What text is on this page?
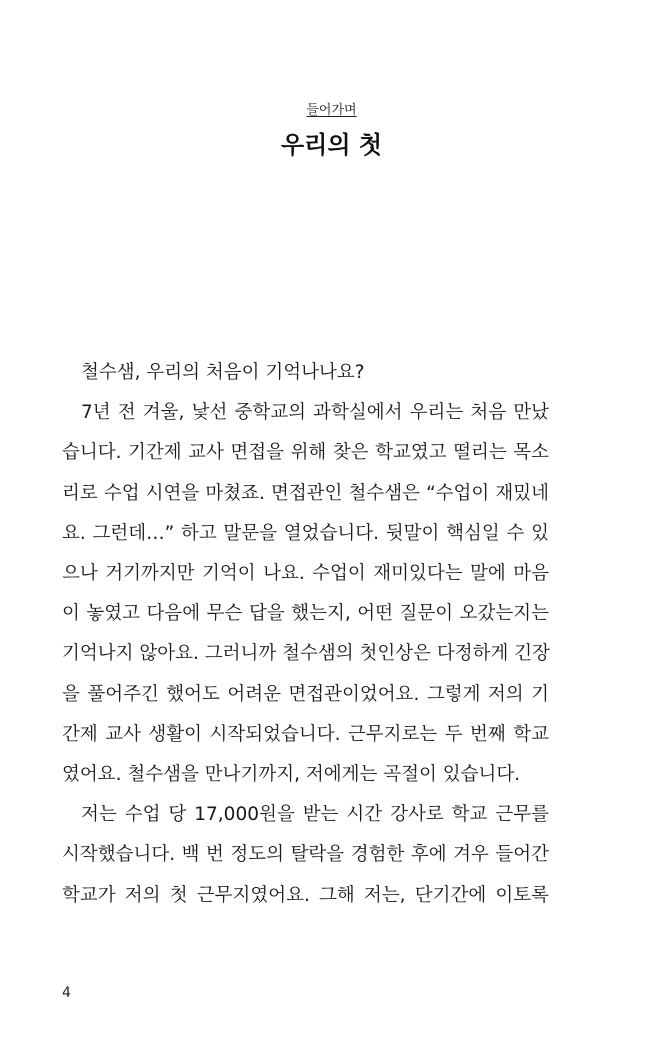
들어가며
우리의 첫

철수샘, 우리의 처음이 기억나나요?

7년 전 겨울, 낯선 중학교의 과학실에서 우리는 처음 만났
습니다. 기간제 교사 면접을 위해 찾은 학교였고 떨리는 목소
리로 수업 시연을 마쳤죠. 면접관인 철수샘은 “수업이 재밌네
요. 그런데…” 하고 말문을 열었습니다. 뒷말이 핵심일 수 있
으나 거기까지만 기억이 나요. 수업이 재미있다는 말에 마음
이 놓였고 다음에 무슨 답을 했는지, 어떤 질문이 오갔는지는
기억나지 않아요. 그러니까 철수샘의 첫인상은 다정하게 긴장
을 풀어주긴 했어도 어려운 면접관이었어요. 그렇게 저의 기
간제 교사 생활이 시작되었습니다. 근무지로는 두 번째 학교
였어요. 철수샘을 만나기까지, 저에게는 곡절이 있습니다.

저는 수업 당 17,000원을 받는 시간 강사로 학교 근무를
시작했습니다. 백 번 정도의 탈락을 경험한 후에 겨우 들어간
학교가 저의 첫 근무지였어요. 그해 저는, 단기간에 이토록

4
